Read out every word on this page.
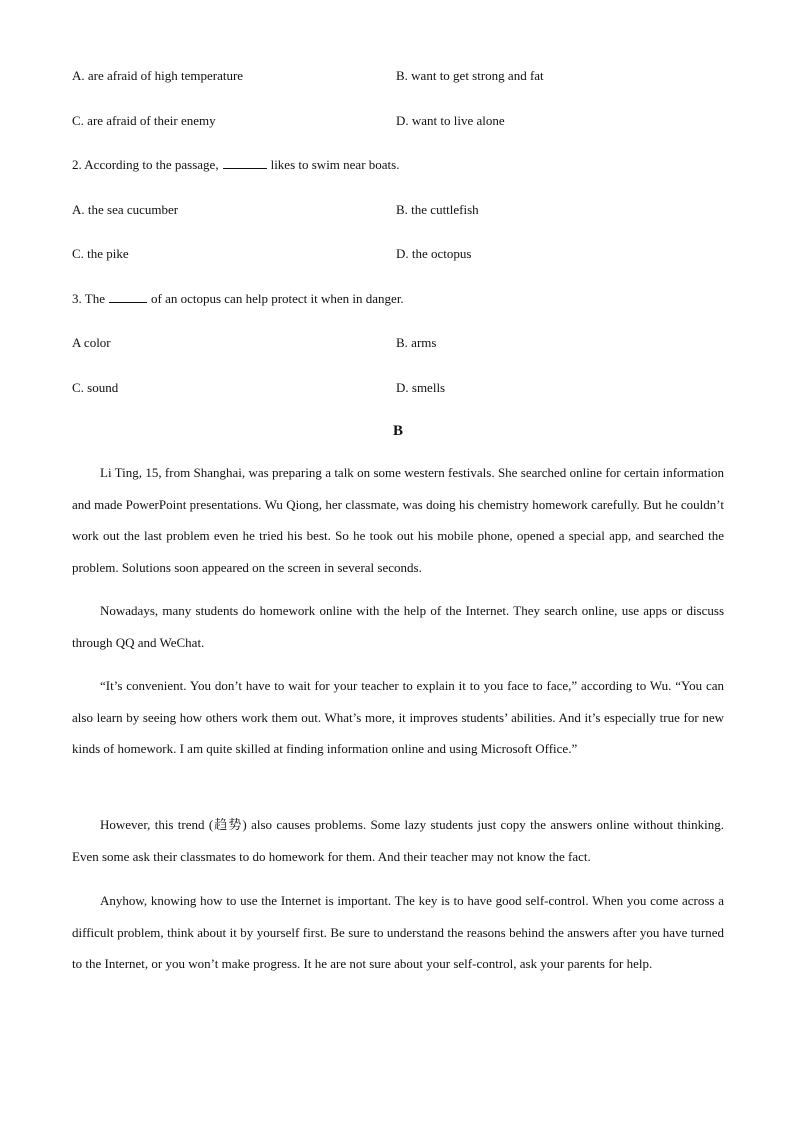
A. are afraid of high temperature	B. want to get strong and fat
C. are afraid of their enemy	D. want to live alone
2. According to the passage,	likes to swim near boats.
A. the sea cucumber	B. the cuttlefish
C. the pike	D. the octopus
3. The	of an octopus can help protect it when in danger.
A color	B. arms
C. sound	D. smells
B

Li Ting, 15, from Shanghai, was preparing a talk on some western festivals. She searched online for certain information and made PowerPoint presentations. Wu Qiong, her classmate, was doing his chemistry homework carefully. But he couldn’t work out the last problem even he tried his best. So he took out his mobile phone, opened a special app, and searched the problem. Solutions soon appeared on the screen in several seconds.

Nowadays, many students do homework online with the help of the Internet. They search online, use apps or discuss through QQ and WeChat.

“It’s convenient. You don’t have to wait for your teacher to explain it to you face to face,” according to Wu. “You can also learn by seeing how others work them out. What’s more, it improves students’ abilities. And it’s especially true for new kinds of homework. I am quite skilled at finding information online and using Microsoft Office.”

However, this trend (趋势) also causes problems. Some lazy students just copy the answers online without thinking. Even some ask their classmates to do homework for them. And their teacher may not know the fact.

Anyhow, knowing how to use the Internet is important. The key is to have good self-control. When you come across a difficult problem, think about it by yourself first. Be sure to understand the reasons behind the answers after you have turned to the Internet, or you won’t make progress. It he are not sure about your self-control, ask your parents for help.
